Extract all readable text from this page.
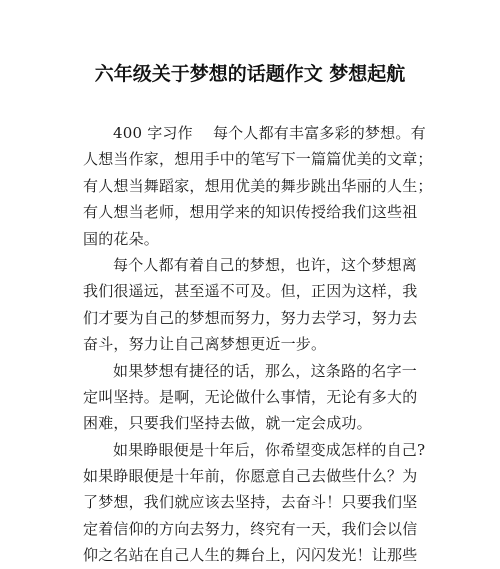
六年级关于梦想的话题作文 梦想起航
400 字习作　 每个人都有丰富多彩的梦想。有
人想当作家，想用手中的笔写下一篇篇优美的文章；
有人想当舞蹈家，想用优美的舞步跳出华丽的人生；
有人想当老师，想用学来的知识传授给我们这些祖
国的花朵。
每个人都有着自己的梦想，也许，这个梦想离
我们很遥远，甚至遥不可及。但，正因为这样，我
们才要为自己的梦想而努力，努力去学习，努力去
奋斗，努力让自己离梦想更近一步。
如果梦想有捷径的话，那么，这条路的名字一
定叫坚持。是啊，无论做什么事情，无论有多大的
困难，只要我们坚持去做，就一定会成功。
如果睁眼便是十年后，你希望变成怎样的自己?
如果睁眼便是十年前，你愿意自己去做些什么？为
了梦想，我们就应该去坚持，去奋斗！只要我们坚
定着信仰的方向去努力，终究有一天，我们会以信
仰之名站在自己人生的舞台上，闪闪发光！让那些
